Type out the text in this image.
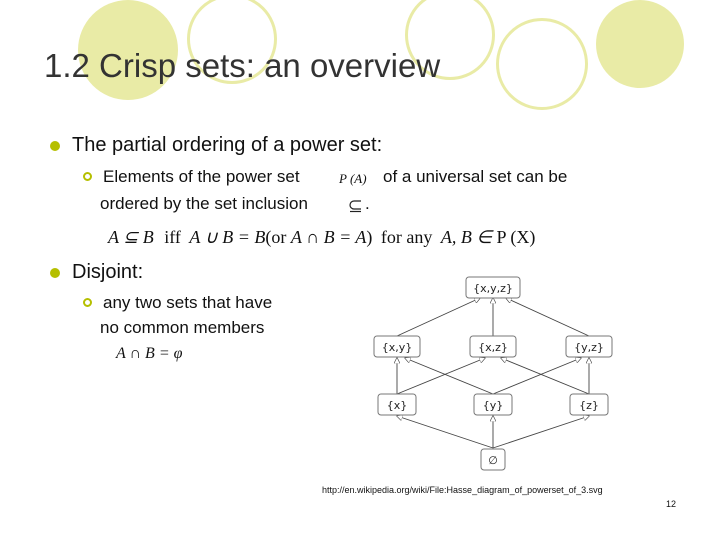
1.2 Crisp sets: an overview
The partial ordering of a power set:
Elements of the power set	P (A) of a universal set can be
ordered by the set inclusion	.
A ⊆ B iff A ∪ B = B(or A ∩ B = A) for any A, B ∈ P (X)
Disjoint:
any two sets that have
no common members
A ∩ B = φ
{x,y,z}
{x,y}	{x,z}	{y,z}
{x}	{y}	{z}
∅
http://en.wikipedia.org/wiki/File:Hasse_diagram_of_powerset_of_3.svg
12
